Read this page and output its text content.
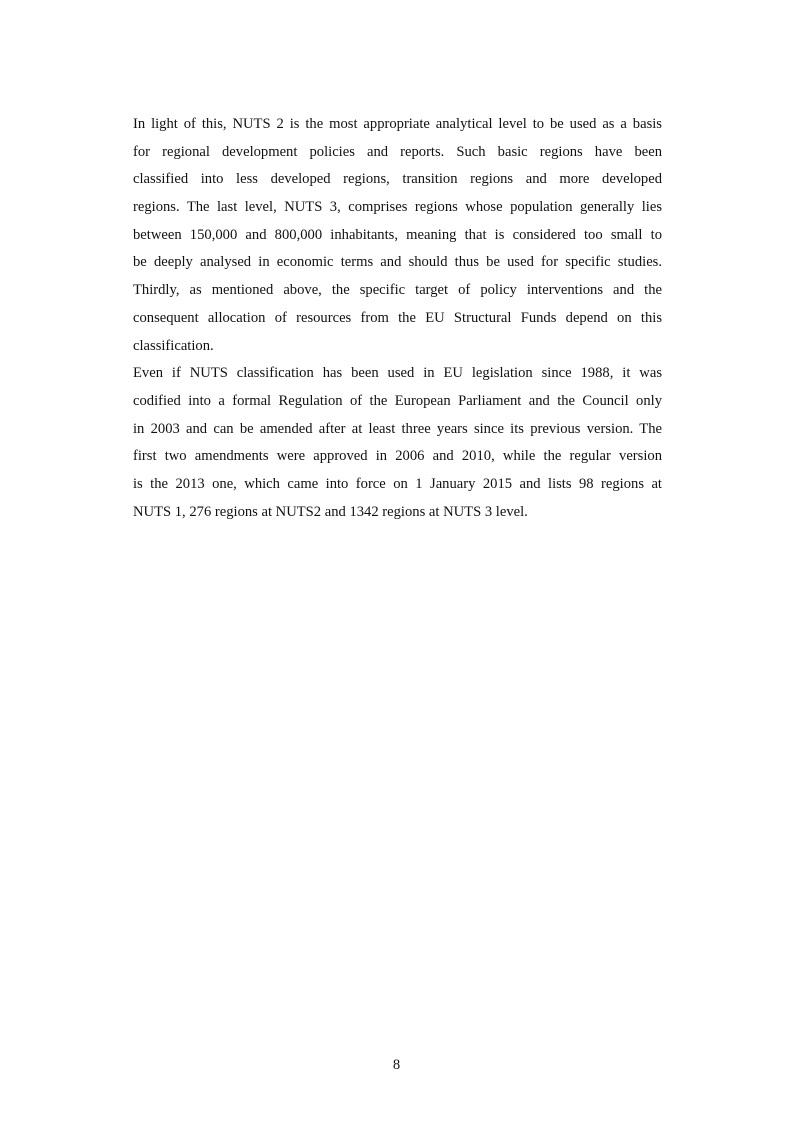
In light of this, NUTS 2 is the most appropriate analytical level to be used as a basis
for regional development policies and reports. Such basic regions have been
classified into less developed regions, transition regions and more developed
regions. The last level, NUTS 3, comprises regions whose population generally lies
between 150,000 and 800,000 inhabitants, meaning that is considered too small to
be deeply analysed in economic terms and should thus be used for specific studies.
Thirdly, as mentioned above, the specific target of policy interventions and the
consequent allocation of resources from the EU Structural Funds depend on this
classification.
Even if NUTS classification has been used in EU legislation since 1988, it was
codified into a formal Regulation of the European Parliament and the Council only
in 2003 and can be amended after at least three years since its previous version. The
first two amendments were approved in 2006 and 2010, while the regular version
is the 2013 one, which came into force on 1 January 2015 and lists 98 regions at
NUTS 1, 276 regions at NUTS2 and 1342 regions at NUTS 3 level.
8
